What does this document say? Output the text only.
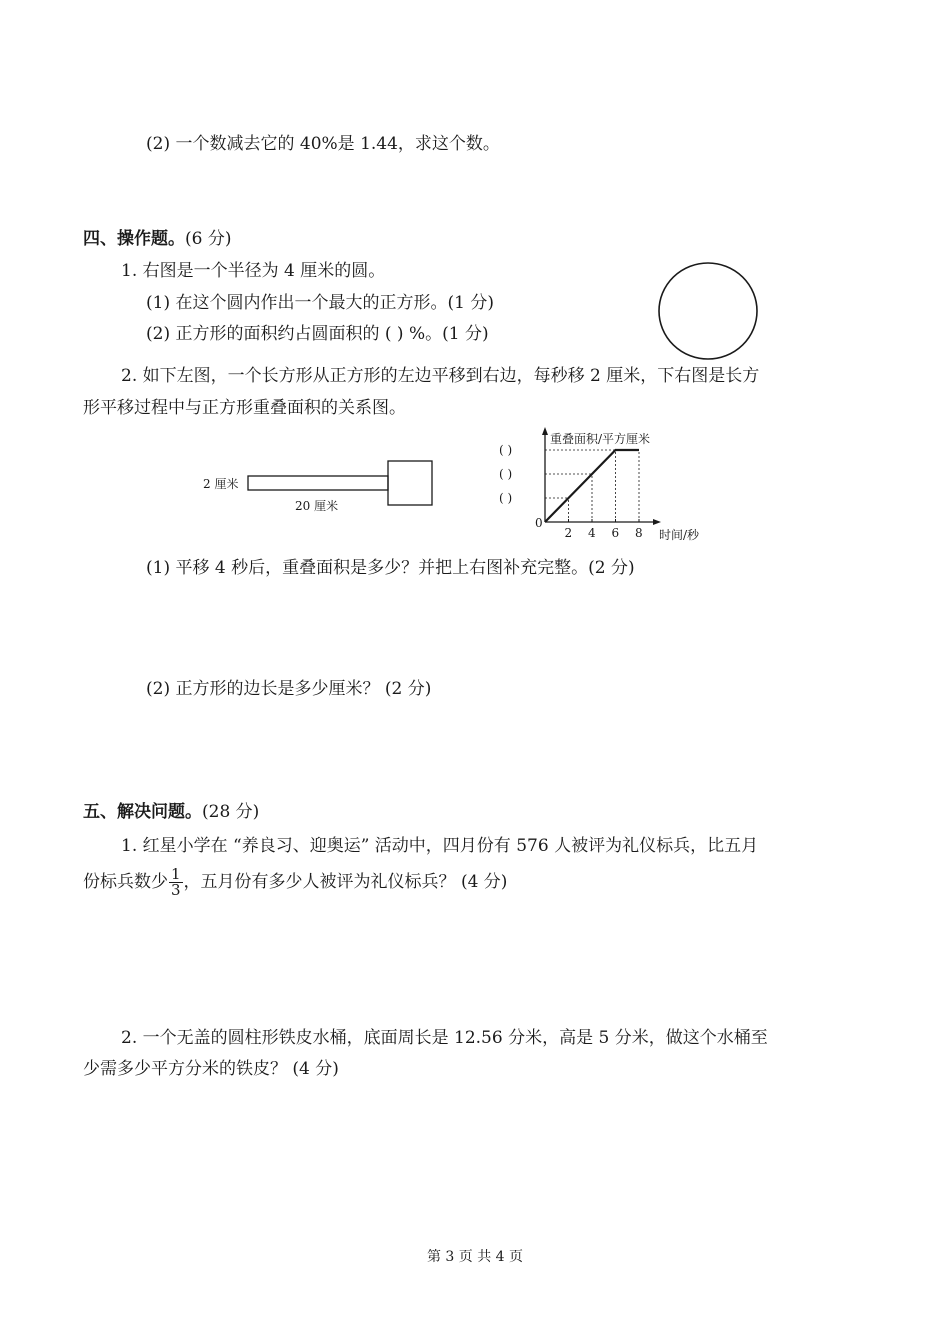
(2) 一个数减去它的 40%是 1.44，求这个数。
四、操作题。(6 分)
1. 右图是一个半径为 4 厘米的圆。
(1) 在这个圆内作出一个最大的正方形。(1 分)
(2) 正方形的面积约占圆面积的 ( ) %。(1 分)
2. 如下左图，一个长方形从正方形的左边平移到右边，每秒移 2 厘米，下右图是长方
形平移过程中与正方形重叠面积的关系图。
2 厘米
20 厘米
重叠面积/平方厘米
时间/秒
0
2 4 6 8
( )
( )
( )
(1) 平移 4 秒后，重叠面积是多少？并把上右图补充完整。(2 分)
(2) 正方形的边长是多少厘米？ (2 分)
五、解决问题。(28 分)
1. 红星小学在 “养良习、迎奥运” 活动中，四月份有 576 人被评为礼仪标兵，比五月
份标兵数少 $\frac{1}{3}$ ，五月份有多少人被评为礼仪标兵？ (4 分)
2. 一个无盖的圆柱形铁皮水桶，底面周长是 12.56 分米，高是 5 分米，做这个水桶至
少需多少平方分米的铁皮？ (4 分)
第 3 页 共 4 页
